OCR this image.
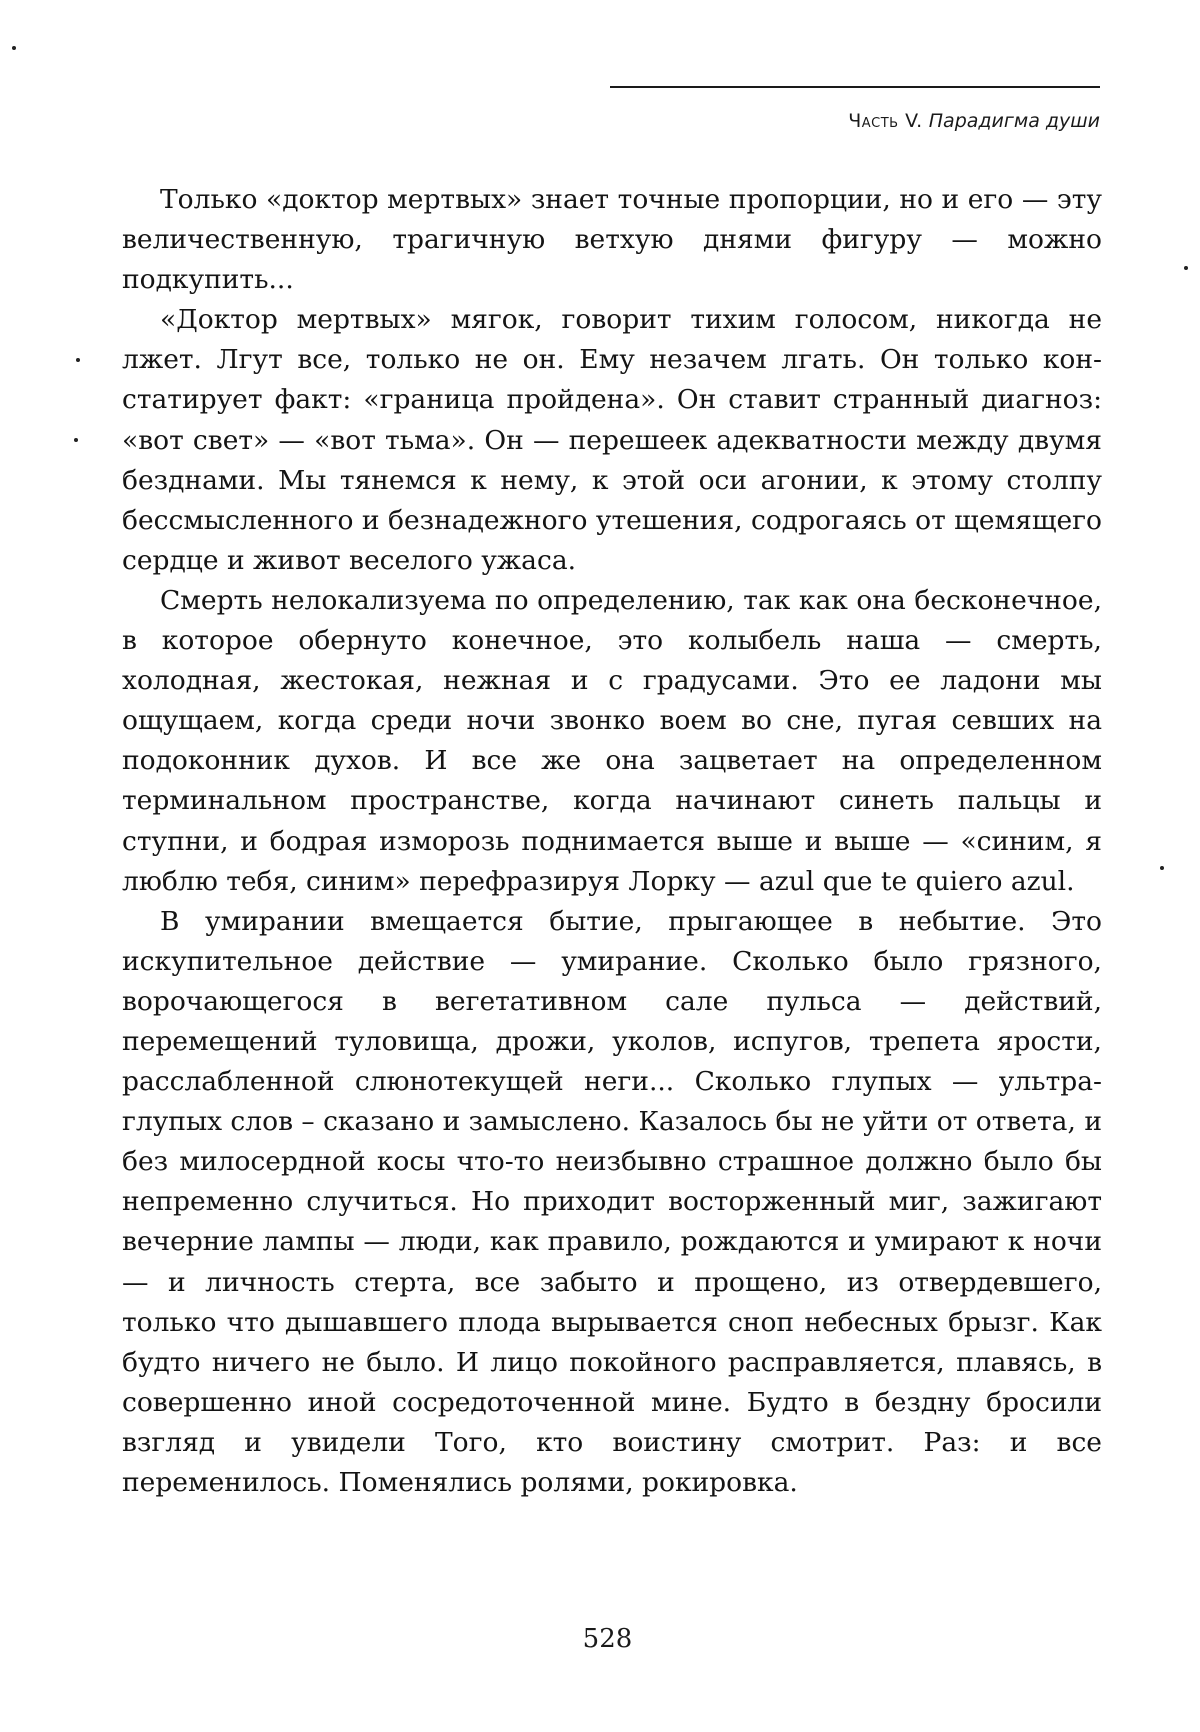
Часть V. Парадигма души

Только «доктор мертвых» знает точные пропорции, но и его — эту величественную, трагичную ветхую днями фигуру — можно подкупить...

«Доктор мертвых» мягок, говорит тихим голосом, никогда не лжет. Лгут все, только не он. Ему незачем лгать. Он только констатирует факт: «граница пройдена». Он ставит странный диагноз: «вот свет» — «вот тьма». Он — перешеек адекватности между двумя безднами. Мы тянемся к нему, к этой оси агонии, к этому столпу бессмысленного и безнадежного утешения, содрогаясь от щемящего сердце и живот веселого ужаса.

Смерть нелокализуема по определению, так как она бесконечное, в которое обернуто конечное, это колыбель наша — смерть, холодная, жестокая, нежная и с градусами. Это ее ладони мы ощущаем, когда среди ночи звонко воем во сне, пугая севших на подоконник духов. И все же она зацветает на определенном терминальном пространстве, когда начинают синеть пальцы и ступни, и бодрая изморозь поднимается выше и выше — «синим, я люблю тебя, синим» перефразируя Лорку — azul que te quiero azul.

В умирании вмещается бытие, прыгающее в небытие. Это искупительное действие — умирание. Сколько было грязного, ворочающегося в вегетативном сале пульса — действий, перемещений туловища, дрожи, уколов, испугов, трепета ярости, расслабленной слюнотекущей неги... Сколько глупых — ультра-глупых слов – сказано и замыслено. Казалось бы не уйти от ответа, и без милосердной косы что-то неизбывно страшное должно было бы непременно случиться. Но приходит восторженный миг, зажигают вечерние лампы — люди, как правило, рождаются и умирают к ночи — и личность стерта, все забыто и прощено, из отвердевшего, только что дышавшего плода вырывается сноп небесных брызг. Как будто ничего не было. И лицо покойного расправляется, плавясь, в совершенно иной сосредоточенной мине. Будто в бездну бросили взгляд и увидели Того, кто воистину смотрит. Раз: и все переменилось. Поменялись ролями, рокировка.

528
